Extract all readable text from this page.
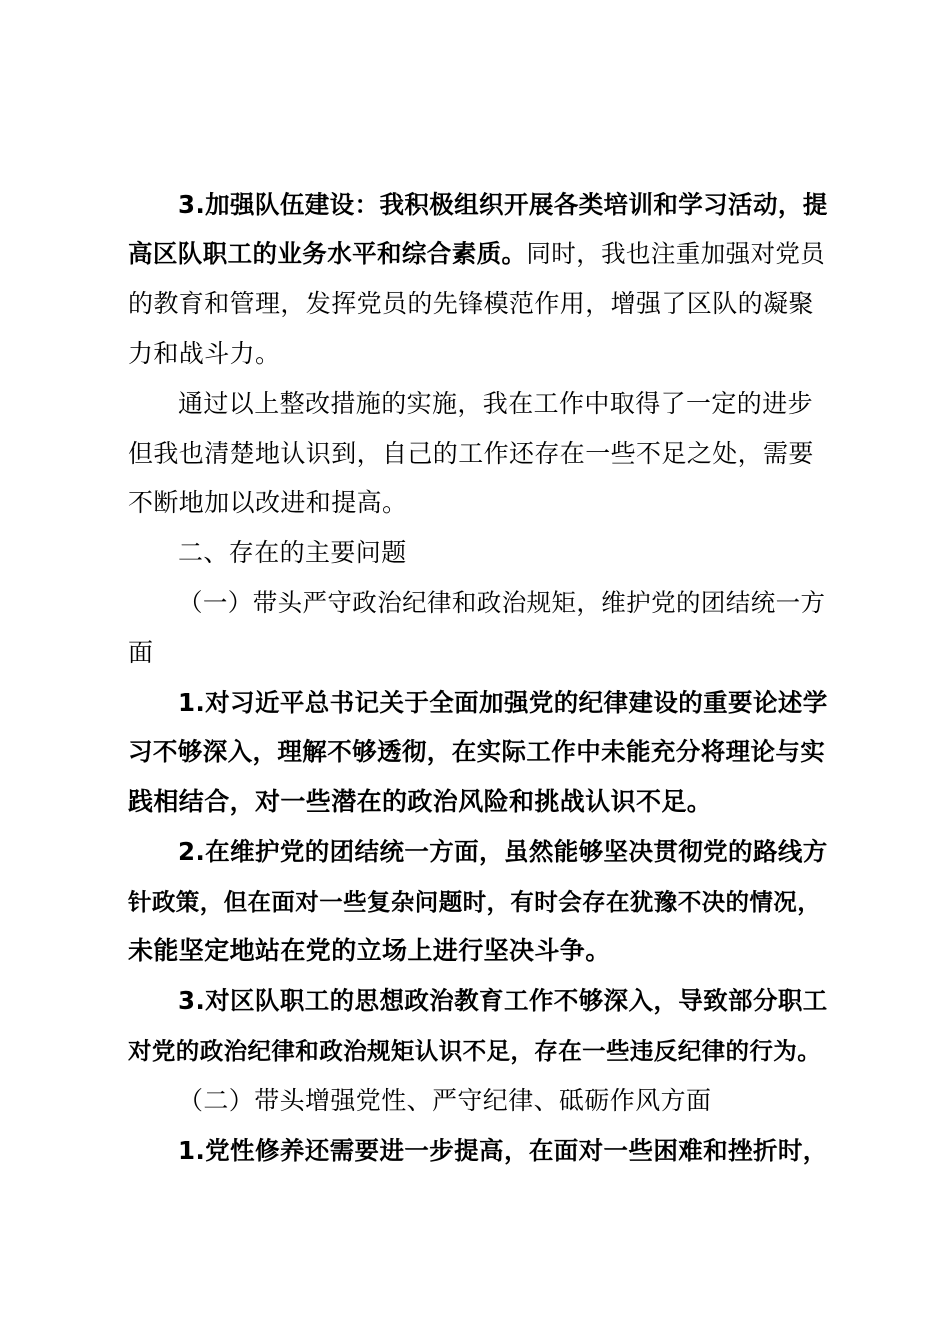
3.加强队伍建设：我积极组织开展各类培训和学习活动，提
高区队职工的业务水平和综合素质。同时，我也注重加强对党员
的教育和管理，发挥党员的先锋模范作用，增强了区队的凝聚
力和战斗力。
通过以上整改措施的实施，我在工作中取得了一定的进步
但我也清楚地认识到，自己的工作还存在一些不足之处，需要
不断地加以改进和提高。
二、存在的主要问题
（一）带头严守政治纪律和政治规矩，维护党的团结统一方
面
1.对习近平总书记关于全面加强党的纪律建设的重要论述学
习不够深入，理解不够透彻，在实际工作中未能充分将理论与实
践相结合，对一些潜在的政治风险和挑战认识不足。
2.在维护党的团结统一方面，虽然能够坚决贯彻党的路线方
针政策，但在面对一些复杂问题时，有时会存在犹豫不决的情况，
未能坚定地站在党的立场上进行坚决斗争。
3.对区队职工的思想政治教育工作不够深入，导致部分职工
对党的政治纪律和政治规矩认识不足，存在一些违反纪律的行为。
（二）带头增强党性、严守纪律、砥砺作风方面
1.党性修养还需要进一步提高，在面对一些困难和挫折时，
